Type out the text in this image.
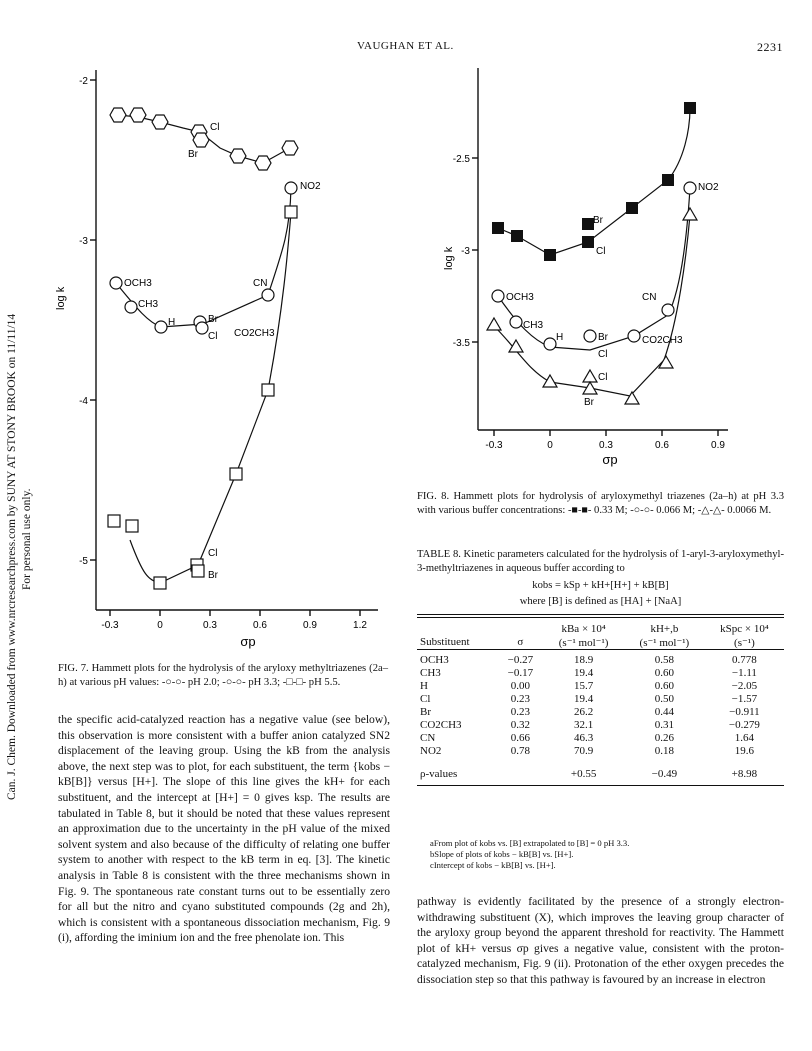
VAUGHAN ET AL.	2231
Can. J. Chem. Downloaded from www.nrcresearchpress.com by SUNY AT STONY BROOK on 11/11/14 For personal use only.
-2
-3
-4
-5
-0.3	0	0.3	0.6	0.9	1.2
log k
σp
Cl
Br
NO2
OCH3
CH3
H	Br
Cl
CN
CO2CH3
Cl
Br
FIG. 7. Hammett plots for the hydrolysis of the aryloxy methyltriazenes (2a–h) at various pH values: -○-○- pH 2.0; -○-○- pH 3.3; -□-□- pH 5.5.
-2.5
-3
-3.5
-0.3	0	0.3	0.6	0.9
log k
σp
Br
Cl
NO2
OCH3	CN
CH3
H	Br
Cl
CO2CH3
Cl
Br
FIG. 8. Hammett plots for hydrolysis of aryloxymethyl triazenes (2a–h) at pH 3.3 with various buffer concentrations: -■-■- 0.33 M; -○-○- 0.066 M; -△-△- 0.0066 M.
TABLE 8. Kinetic parameters calculated for the hydrolysis of 1-aryl-3-aryloxymethyl-3-methyltriazenes in aqueous buffer according to
kobs = kSp + kH+[H+] + kB[B]
where [B] is defined as [HA] + [NaA]
		kBa × 10⁴	kH+,b	kSpc × 10⁴
Substituent	σ	(s⁻¹ mol⁻¹)	(s⁻¹ mol⁻¹)	(s⁻¹)

OCH3	−0.27	18.9	0.58	0.778
CH3	−0.17	19.4	0.60	−1.11
H	0.00	15.7	0.60	−2.05
Cl	0.23	19.4	0.50	−1.57
Br	0.23	26.2	0.44	−0.911
CO2CH3	0.32	32.1	0.31	−0.279
CN	0.66	46.3	0.26	1.64
NO2	0.78	70.9	0.18	19.6

ρ-values		+0.55	−0.49	+8.98

aFrom plot of kobs vs. [B] extrapolated to [B] = 0 pH 3.3.
bSlope of plots of kobs − kB[B] vs. [H+].
cIntercept of kobs − kB[B] vs. [H+].
the specific acid-catalyzed reaction has a negative value (see below), this observation is more consistent with a buffer anion catalyzed SN2 displacement of the leaving group. Using the kB from the analysis above, the next step was to plot, for each substituent, the term {kobs − kB[B]} versus [H+]. The slope of this line gives the kH+ for each substituent, and the intercept at [H+] = 0 gives ksp. The results are tabulated in Table 8, but it should be noted that these values represent an approximation due to the uncertainty in the pH value of the mixed solvent system and also because of the difficulty of relating one buffer system to another with respect to the kB term in eq. [3]. The kinetic analysis in Table 8 is consistent with the three mechanisms shown in Fig. 9. The spontaneous rate constant turns out to be essentially zero for all but the nitro and cyano substituted compounds (2g and 2h), which is consistent with a spontaneous dissociation mechanism, Fig. 9 (i), affording the iminium ion and the free phenolate ion. This
pathway is evidently facilitated by the presence of a strongly electron-withdrawing substituent (X), which improves the leaving group character of the aryloxy group beyond the apparent threshold for reactivity. The Hammett plot of kH+ versus σp gives a negative value, consistent with the proton-catalyzed mechanism, Fig. 9 (ii). Protonation of the ether oxygen precedes the dissociation step so that this pathway is favoured by an increase in electron
